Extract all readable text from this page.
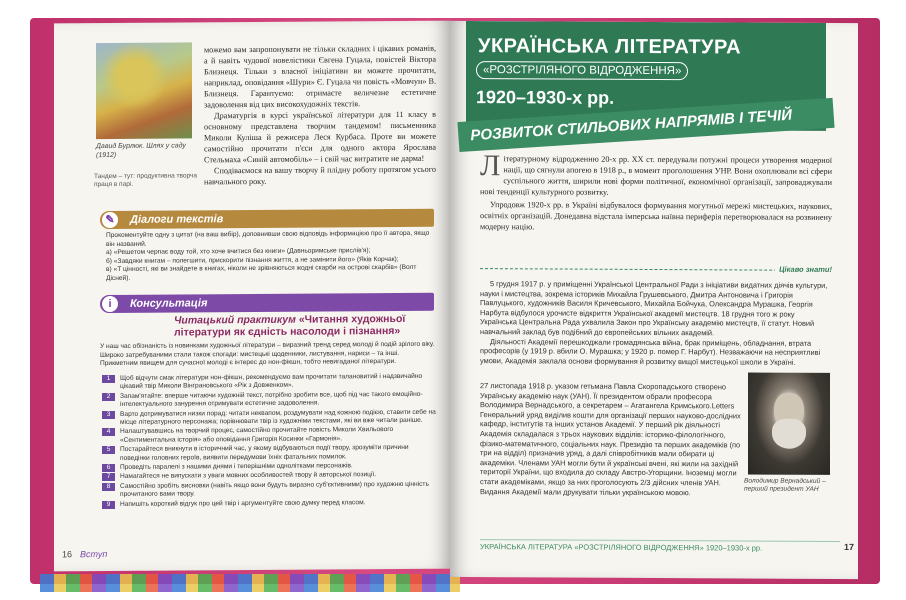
Давид Бурлюк. Шлях у саду (1912)
Тандем – тут: продуктивна творча праця в парі.
можемо вам запропонувати не тільки складних і цікавих романів, а й навіть чудової новелістики Євгена Гуцала, повістей Віктора Близнеця. Тільки з власної ініціативи ви можете прочитати, наприклад, оповідання «Шури» Є. Гуцала чи повість «Мовчун» В. Близнеця. Гарантуємо: отримаєте величезне естетичне задоволення від цих високохудожніх текстів.
Драматургія в курсі української літератури для 11 класу в основному представлена творчим тандемом! письменника Миколи Куліша й режисера Леся Курбаса. Проте ви можете самостійно прочитати п'єси для одного актора Ярослава Стельмаха «Синій автомобіль» – і свій час витратите не дарма!
Сподіваємося на вашу творчу й плідну роботу протягом усього навчального року.
✎	Діалоги текстів
Прокоментуйте одну з цитат (на ваш вибір), доповнивши свою відповідь інформацією про її автора, якщо він названий.
а) «Решетом черпає воду той, хто хоче вчитися без книги» (Давньоримське прислів'я);
б) «Завдяки книгам – полегшити, прискорити пізнання життя, а не замінити його» (Яків Корчак);
в) «Т цінності, які ви знайдете в книгах, ніколи не зрівняються жодні скарби на острові скарбів» (Волт Дісней).
i	Консультація
Читацький практикум «Читання художньої літератури як єдність насолоди і пізнання»
У наш час обізнаність із новинками художньої літератури – виразний тренд серед молоді й подій зрілого віку. Широко затребуваними стали також спогади: мистецькі щоденники, листування, нариси – та інші. Прикметним явищем для сучасної молоді є інтерес до нон-фікшн, тобто невигаданої літератури.
1	Щоб відчути смак літератури нон-фікшн, рекомендуємо вам прочитати талановитий і надзвичайно цікавий твір Миколи Вінграновського «Рік з Довженком».
2	Запам'ятайте: вперше читаючи художній текст, потрібно зробити все, щоб під час такого емоційно-інтелектуального занурення отримувати естетичне задоволення.
3	Варто дотримуватися низки порад: читати неквапом, роздумувати над кожною подією, ставити себе на місце літературного персонажа; порівнювати твір із художніми текстами, які ви вже читали раніше.
4	Налаштувавшись на творчий процес, самостійно прочитайте повість Миколи Хвильового «Сентиментальна історія» або оповідання Григорія Косинки «Гармонія».
5	Постарайтеся вникнути в історичний час, у якому відбуваються події твору, зрозуміти причини поведінки головних героїв, виявити передумови їхніх фатальних помилок.
6	Проведіть паралелі з нашими днями і теперішніми однолітками персонажів.
7	Намагайтеся не випускати з уваги мовних особливостей твору й авторської позиції.
8	Самостійно зробіть висновки (навіть якщо вони будуть виразно суб'єктивними) про художню цінність прочитаного вами твору.
9	Напишіть короткий відгук про цей твір і аргументуйте свою думку перед класом.
16 Вступ
УКРАЇНСЬКА ЛІТЕРАТУРА
«РОЗСТРІЛЯНОГО ВІДРОДЖЕННЯ»
1920–1930-х рр.
РОЗВИТОК СТИЛЬОВИХ НАПРЯМІВ І ТЕЧІЙ
Л ітературному відродженню 20-х рр. ХХ ст. передували потужні процеси утворення модерної нації, що сягнули апогею в 1918 р., в момент проголошення УНР. Вони охоплювали всі сфери суспільного життя, ширили нові форми політичної, економічної організації, запроваджували нові тенденції культурного розвитку.
Упродовж 1920-х рр. в Україні відбувалося формування могутньої мережі мистецьких, наукових, освітніх організацій. Донедавна відстала імперська наївна периферія перетворювалася на розвинену модерну націю.
Цікаво знати!
5 грудня 1917 р. у приміщенні Української Центральної Ради з ініціативи видатних діячів культури, науки і мистецтва, зокрема істориків Михайла Грушевського, Дмитра Антоновича і Григорія Павлуцького, художників Василя Кричевського, Михайла Бойчука, Олександра Мурашка, Георгія Нарбута відбулося урочисте відкриття Української академії мистецтв. 18 грудня того ж року Українська Центральна Рада ухвалила Закон про Українську академію мистецтв, її статут. Новий навчальний заклад був подібний до європейських вільних академій.
Діяльності Академії перешкоджали громадянська війна, брак приміщень, обладнання, втрата професорів (у 1919 р. вбили О. Мурашка; у 1920 р. помер Г. Нарбут). Незважаючи на несприятливі умови, Академія заклала основи формування й розвитку вищої мистецької школи в Україні.
27 листопада 1918 р. указом гетьмана Павла Скоропадського створено Українську академію наук (УАН). Її президентом обрали професора Володимира Вернадського, а секретарем – Агатангела Кримського.Letters Генеральний уряд виділив кошти для організації перших науково-дослідних кафедр, інститутів та інших установ Академії. У перший рік діяльності Академія складалася з трьох наукових відділів: історико-філологічного, фізико-математичного, соціальних наук. Президію та перших академіків (по три на відділ) призначив уряд, а далі співробітників мали обирати ці академіки. Членами УАН могли бути й українські вчені, які жили на західній території України, що входила до складу Австро-Угорщини. Іноземці могли стати академіками, якщо за них проголосують 2/3 дійсних членів УАН. Видання Академії мали друкувати тільки українською мовою.
Володимир Вернадський – перший президент УАН
УКРАЇНСЬКА ЛІТЕРАТУРА «РОЗСТРІЛЯНОГО ВІДРОДЖЕННЯ» 1920–1930-х рр.	17
